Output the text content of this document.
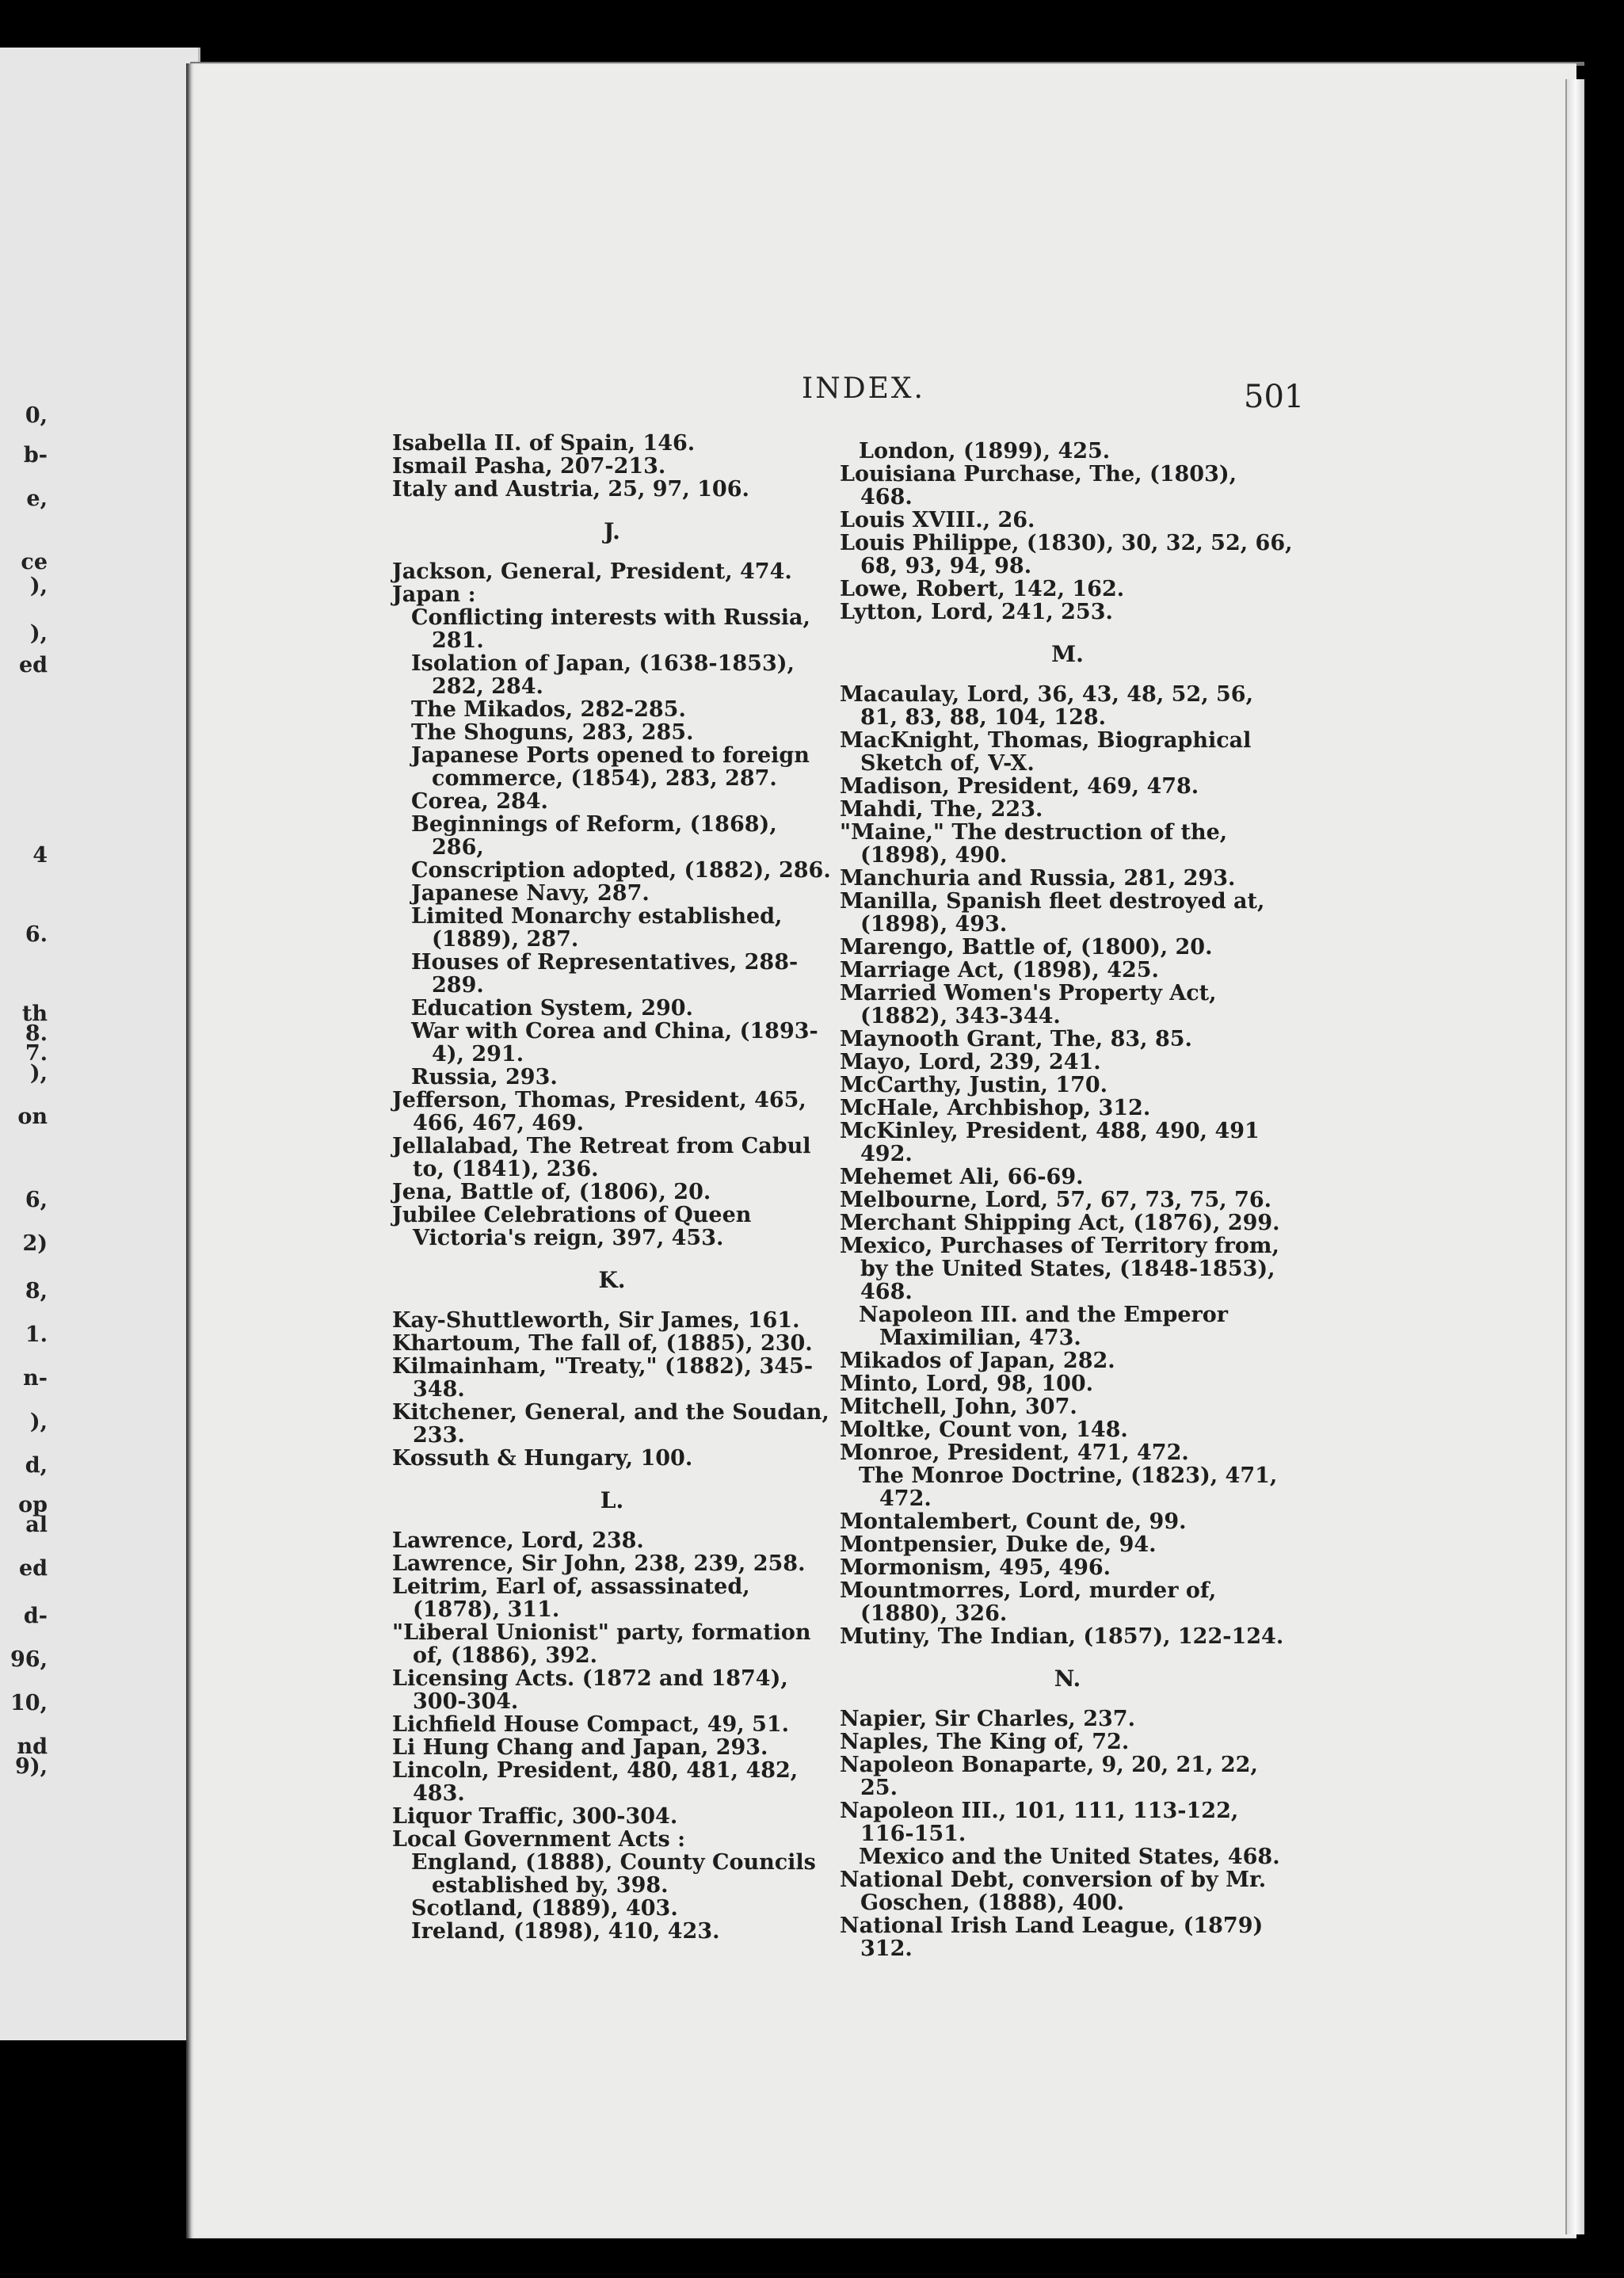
0,
b-
e,
ce
),
),
ed
4
6.
th
8.
7.
),
on
6,
2)
8,
1.
n-
),
d,
op
al
ed
d-
96,
10,
nd
9),
INDEX.	501
Isabella II. of Spain, 146.
Ismail Pasha, 207-213.
Italy and Austria, 25, 97, 106.
J.
Jackson, General, President, 474.
Japan :
Conflicting interests with Russia, 281.
Isolation of Japan, (1638-1853), 282, 284.
The Mikados, 282-285.
The Shoguns, 283, 285.
Japanese Ports opened to foreign commerce, (1854), 283, 287.
Corea, 284.
Beginnings of Reform, (1868), 286,
Conscription adopted, (1882), 286.
Japanese Navy, 287.
Limited Monarchy established, (1889), 287.
Houses of Representatives, 288-289.
Education System, 290.
War with Corea and China, (1893-4), 291.
Russia, 293.
Jefferson, Thomas, President, 465, 466, 467, 469.
Jellalabad, The Retreat from Cabul to, (1841), 236.
Jena, Battle of, (1806), 20.
Jubilee Celebrations of Queen Victoria's reign, 397, 453.
K.
Kay-Shuttleworth, Sir James, 161.
Khartoum, The fall of, (1885), 230.
Kilmainham, "Treaty," (1882), 345-348.
Kitchener, General, and the Soudan, 233.
Kossuth & Hungary, 100.
L.
Lawrence, Lord, 238.
Lawrence, Sir John, 238, 239, 258.
Leitrim, Earl of, assassinated, (1878), 311.
"Liberal Unionist" party, formation of, (1886), 392.
Licensing Acts. (1872 and 1874), 300-304.
Lichfield House Compact, 49, 51.
Li Hung Chang and Japan, 293.
Lincoln, President, 480, 481, 482, 483.
Liquor Traffic, 300-304.
Local Government Acts :
England, (1888), County Councils established by, 398.
Scotland, (1889), 403.
Ireland, (1898), 410, 423.
London, (1899), 425.
Louisiana Purchase, The, (1803), 468.
Louis XVIII., 26.
Louis Philippe, (1830), 30, 32, 52, 66, 68, 93, 94, 98.
Lowe, Robert, 142, 162.
Lytton, Lord, 241, 253.
M.
Macaulay, Lord, 36, 43, 48, 52, 56, 81, 83, 88, 104, 128.
MacKnight, Thomas, Biographical Sketch of, V-X.
Madison, President, 469, 478.
Mahdi, The, 223.
"Maine," The destruction of the, (1898), 490.
Manchuria and Russia, 281, 293.
Manilla, Spanish fleet destroyed at, (1898), 493.
Marengo, Battle of, (1800), 20.
Marriage Act, (1898), 425.
Married Women's Property Act, (1882), 343-344.
Maynooth Grant, The, 83, 85.
Mayo, Lord, 239, 241.
McCarthy, Justin, 170.
McHale, Archbishop, 312.
McKinley, President, 488, 490, 491 492.
Mehemet Ali, 66-69.
Melbourne, Lord, 57, 67, 73, 75, 76.
Merchant Shipping Act, (1876), 299.
Mexico, Purchases of Territory from, by the United States, (1848-1853), 468.
Napoleon III. and the Emperor Maximilian, 473.
Mikados of Japan, 282.
Minto, Lord, 98, 100.
Mitchell, John, 307.
Moltke, Count von, 148.
Monroe, President, 471, 472.
The Monroe Doctrine, (1823), 471, 472.
Montalembert, Count de, 99.
Montpensier, Duke de, 94.
Mormonism, 495, 496.
Mountmorres, Lord, murder of, (1880), 326.
Mutiny, The Indian, (1857), 122-124.
N.
Napier, Sir Charles, 237.
Naples, The King of, 72.
Napoleon Bonaparte, 9, 20, 21, 22, 25.
Napoleon III., 101, 111, 113-122, 116-151.
Mexico and the United States, 468.
National Debt, conversion of by Mr. Goschen, (1888), 400.
National Irish Land League, (1879) 312.
